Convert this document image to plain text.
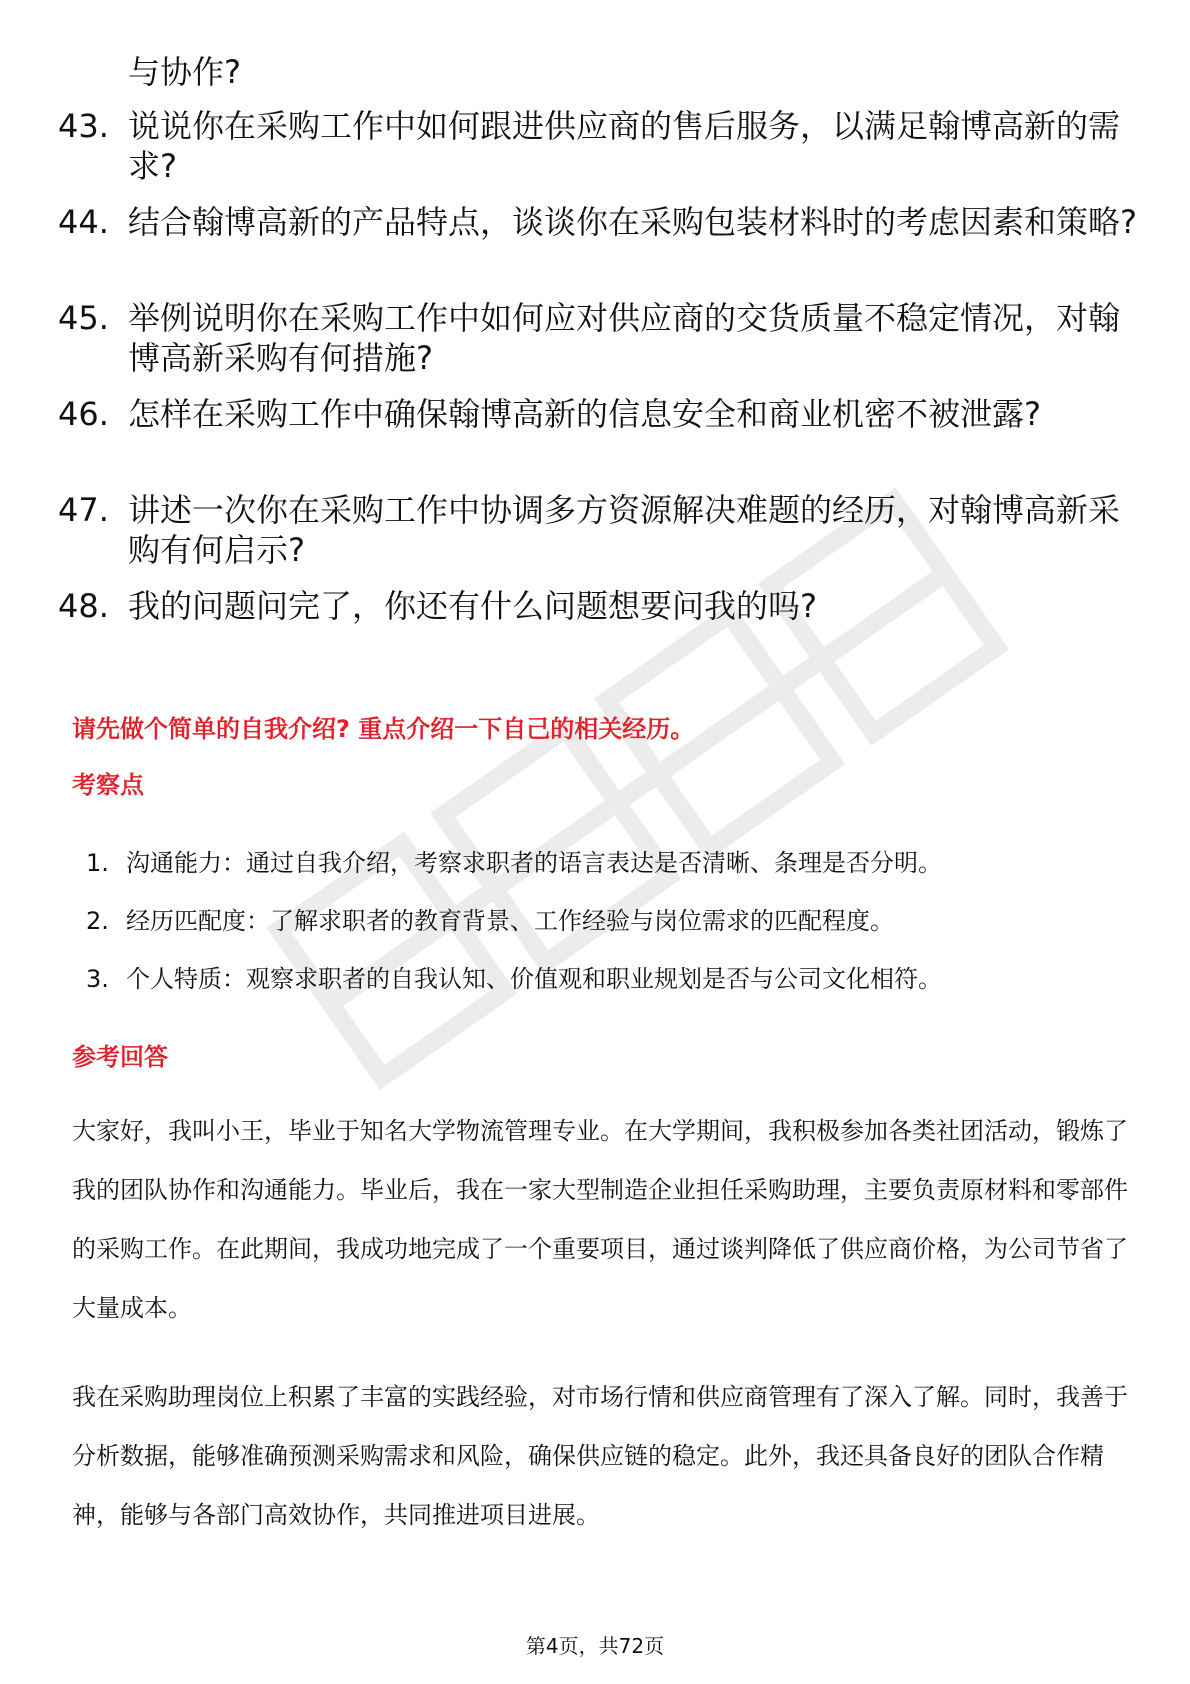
与协作?
43. 说说你在采购工作中如何跟进供应商的售后服务，以满足翰博高新的需求?
44. 结合翰博高新的产品特点，谈谈你在采购包装材料时的考虑因素和策略?
45. 举例说明你在采购工作中如何应对供应商的交货质量不稳定情况，对翰博高新采购有何措施?
46. 怎样在采购工作中确保翰博高新的信息安全和商业机密不被泄露?
47. 讲述一次你在采购工作中协调多方资源解决难题的经历，对翰博高新采购有何启示?
48. 我的问题问完了，你还有什么问题想要问我的吗?
请先做个简单的自我介绍? 重点介绍一下自己的相关经历。
考察点
1. 沟通能力：通过自我介绍，考察求职者的语言表达是否清晰、条理是否分明。
2. 经历匹配度：了解求职者的教育背景、工作经验与岗位需求的匹配程度。
3. 个人特质：观察求职者的自我认知、价值观和职业规划是否与公司文化相符。
参考回答
大家好，我叫小王，毕业于知名大学物流管理专业。在大学期间，我积极参加各类社团活动，锻炼了我的团队协作和沟通能力。毕业后，我在一家大型制造企业担任采购助理，主要负责原材料和零部件的采购工作。在此期间，我成功地完成了一个重要项目，通过谈判降低了供应商价格，为公司节省了大量成本。
我在采购助理岗位上积累了丰富的实践经验，对市场行情和供应商管理有了深入了解。同时，我善于分析数据，能够准确预测采购需求和风险，确保供应链的稳定。此外，我还具备良好的团队合作精神，能够与各部门高效协作，共同推进项目进展。
第4页，共72页
